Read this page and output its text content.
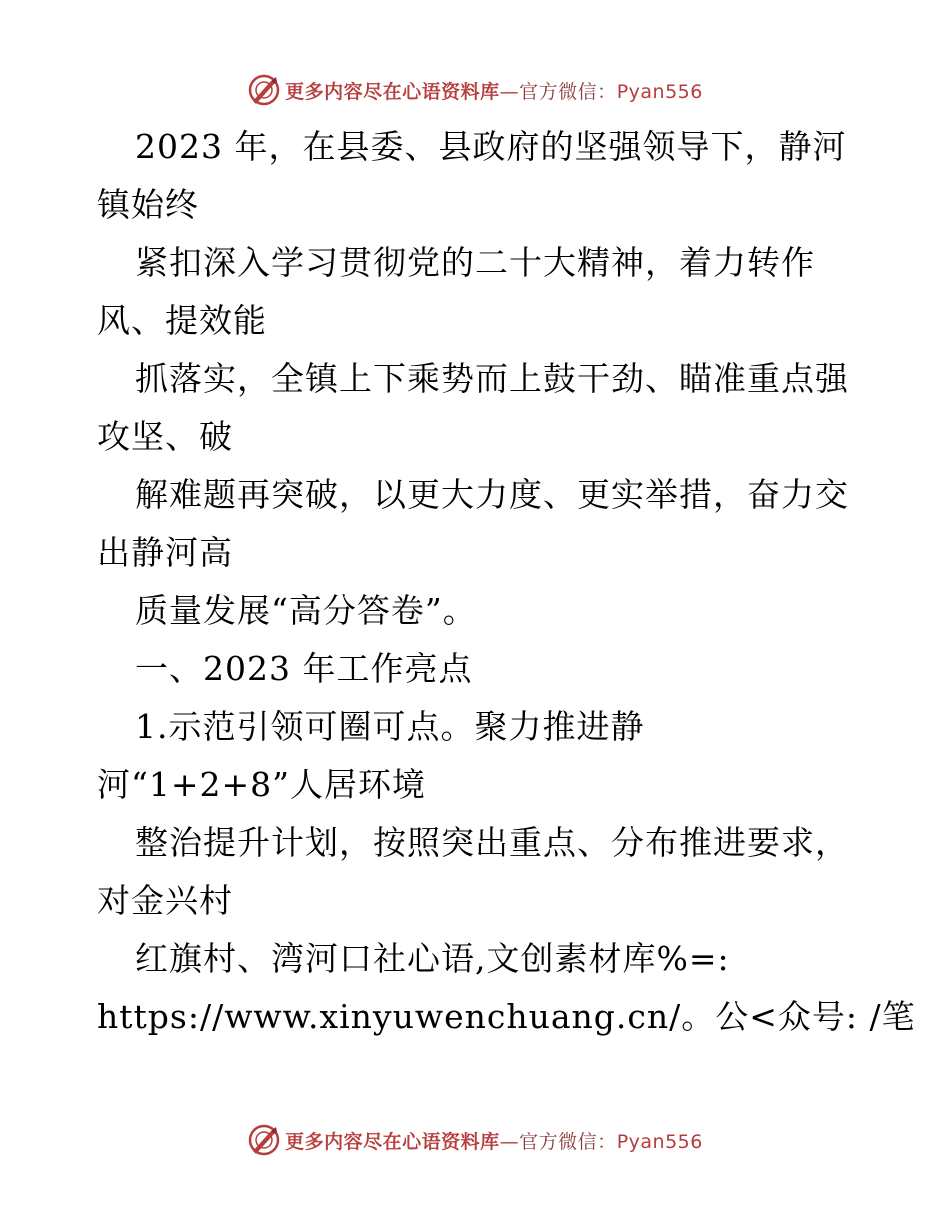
更多内容尽在心语资料库—官方微信：Pyan556
2023 年，在县委、县政府的坚强领导下，静河
镇始终
紧扣深入学习贯彻党的二十大精神，着力转作
风、提效能
抓落实，全镇上下乘势而上鼓干劲、瞄准重点强
攻坚、破
解难题再突破，以更大力度、更实举措，奋力交
出静河高
质量发展“高分答卷”。
一、2023 年工作亮点
1.示范引领可圈可点。聚力推进静
河“1+2+8”人居环境
整治提升计划，按照突出重点、分布推进要求，
对金兴村
红旗村、湾河口社心语,文创素材库%=:
https://www.xinyuwenchuang.cn/。公<众号: /笔
更多内容尽在心语资料库—官方微信：Pyan556
